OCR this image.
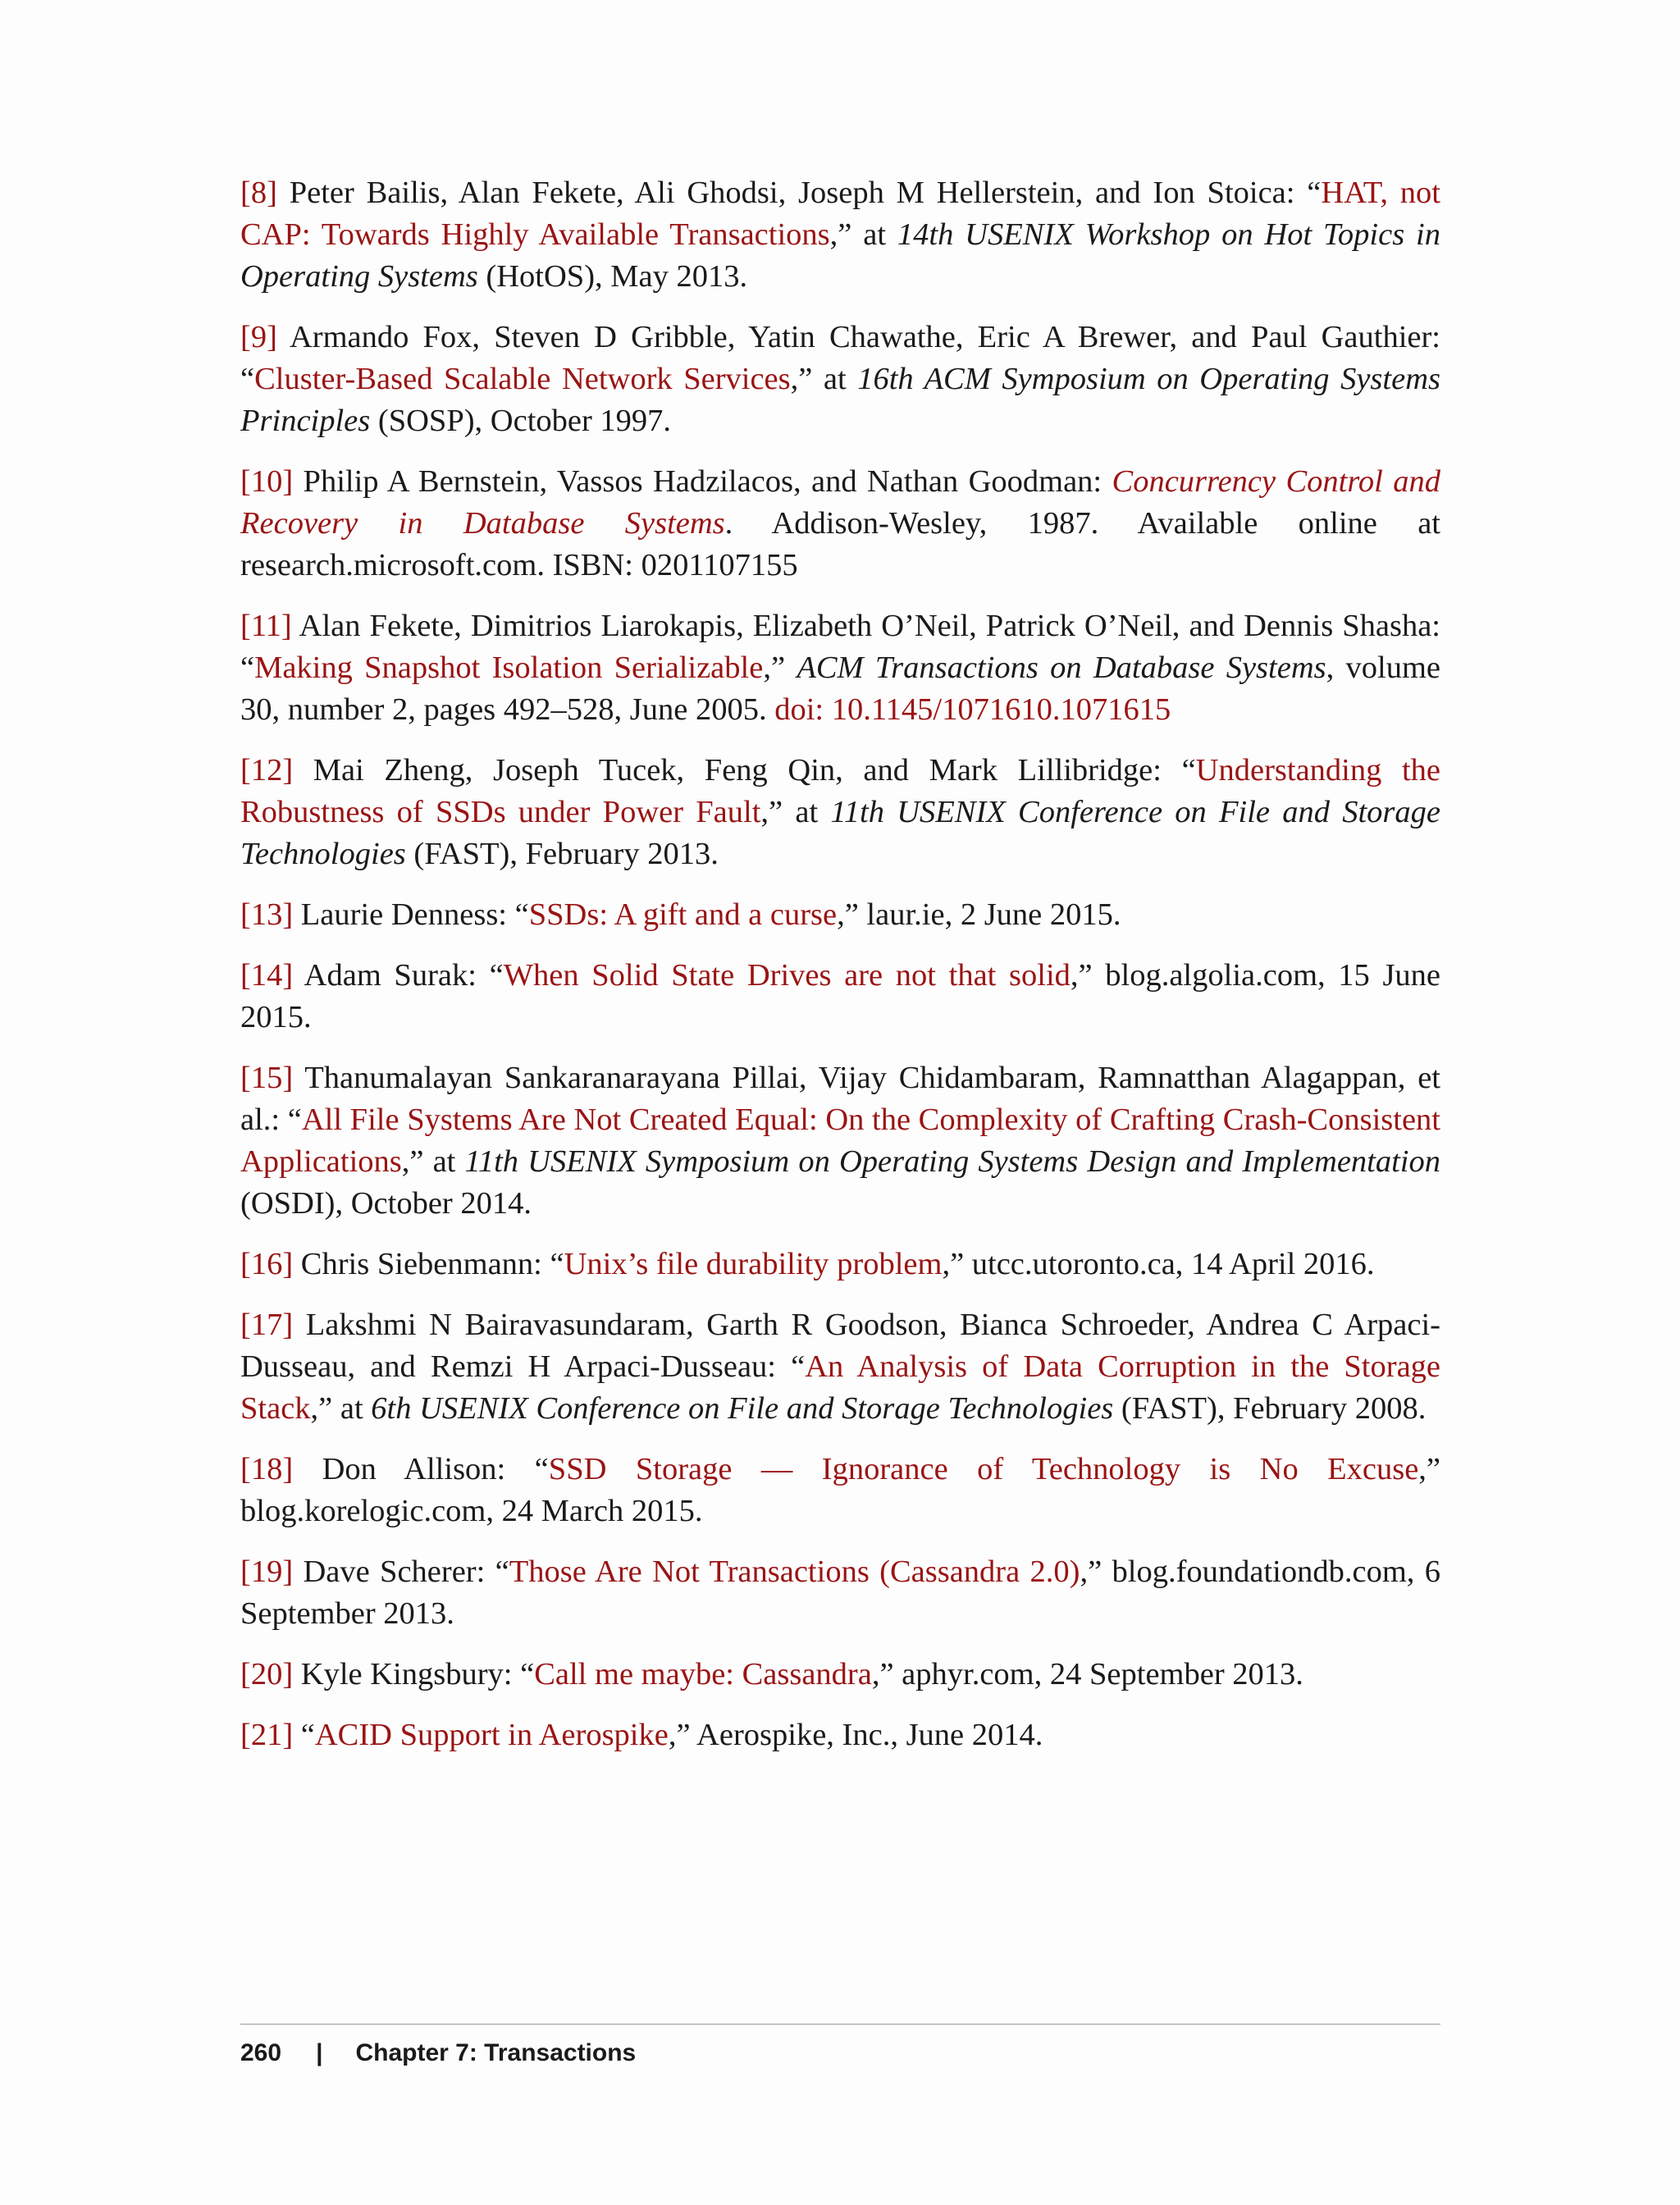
[8] Peter Bailis, Alan Fekete, Ali Ghodsi, Joseph M Hellerstein, and Ion Stoica: “HAT, not CAP: Towards Highly Available Transactions,” at 14th USENIX Workshop on Hot Topics in Operating Systems (HotOS), May 2013.

[9] Armando Fox, Steven D Gribble, Yatin Chawathe, Eric A Brewer, and Paul Gauthier: “Cluster-Based Scalable Network Services,” at 16th ACM Symposium on Operating Systems Principles (SOSP), October 1997.

[10] Philip A Bernstein, Vassos Hadzilacos, and Nathan Goodman: Concurrency Control and Recovery in Database Systems. Addison-Wesley, 1987. Available online at research.microsoft.com. ISBN: 0201107155

[11] Alan Fekete, Dimitrios Liarokapis, Elizabeth O’Neil, Patrick O’Neil, and Dennis Shasha: “Making Snapshot Isolation Serializable,” ACM Transactions on Database Systems, volume 30, number 2, pages 492–528, June 2005. doi: 10.1145/1071610.1071615

[12] Mai Zheng, Joseph Tucek, Feng Qin, and Mark Lillibridge: “Understanding the Robustness of SSDs under Power Fault,” at 11th USENIX Conference on File and Storage Technologies (FAST), February 2013.

[13] Laurie Denness: “SSDs: A gift and a curse,” laur.ie, 2 June 2015.

[14] Adam Surak: “When Solid State Drives are not that solid,” blog.algolia.com, 15 June 2015.

[15] Thanumalayan Sankaranarayana Pillai, Vijay Chidambaram, Ramnatthan Alagappan, et al.: “All File Systems Are Not Created Equal: On the Complexity of Crafting Crash-Consistent Applications,” at 11th USENIX Symposium on Operating Systems Design and Implementation (OSDI), October 2014.

[16] Chris Siebenmann: “Unix’s file durability problem,” utcc.utoronto.ca, 14 April 2016.

[17] Lakshmi N Bairavasundaram, Garth R Goodson, Bianca Schroeder, Andrea C Arpaci-Dusseau, and Remzi H Arpaci-Dusseau: “An Analysis of Data Corruption in the Storage Stack,” at 6th USENIX Conference on File and Storage Technologies (FAST), February 2008.

[18] Don Allison: “SSD Storage — Ignorance of Technology is No Excuse,” blog.korelogic.com, 24 March 2015.

[19] Dave Scherer: “Those Are Not Transactions (Cassandra 2.0),” blog.foundationdb.com, 6 September 2013.

[20] Kyle Kingsbury: “Call me maybe: Cassandra,” aphyr.com, 24 September 2013.

[21] “ACID Support in Aerospike,” Aerospike, Inc., June 2014.

260 | Chapter 7: Transactions
